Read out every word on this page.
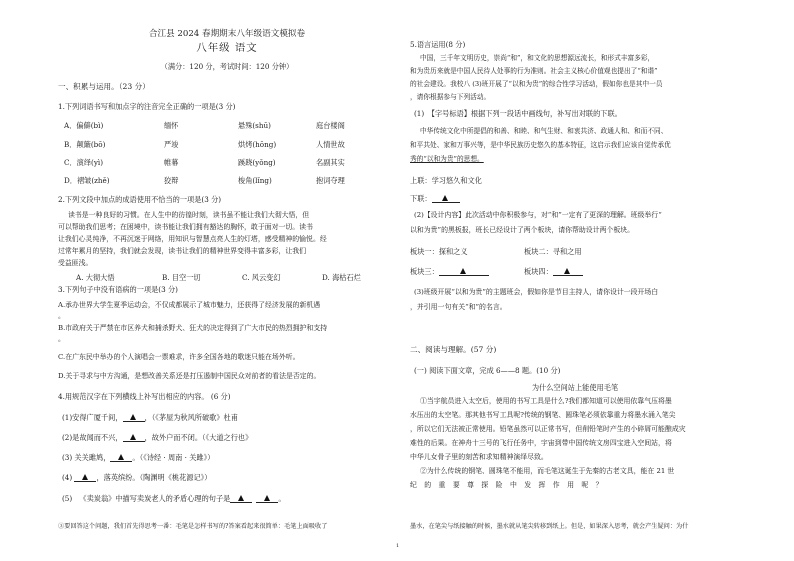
合江县 2024 春期期末八年级语文模拟卷
八年级 语文
（满分：120 分，考试时间：120 分钟）
一、积累与运用。（23 分）
1.下列词语书写和加点字的注音完全正确的一项是(3 分)
A．偏僻(bì)	缅怀	悬殊(shū)	庭台楼阁
B．颠簸(bō)	严竣	烘烤(hōng)	人情世故
C．演绎(yì)	帷幕	蹊跷(yǒng)	名副其实
D．褶皱(zhě)	狡辩	梭角(lǐng)	抱词夺理
2.下列文段中加点的成语使用不恰当的一项是(3 分)
读书是一种良好的习惯。在人生中的彷徨时刻，读书虽不能让我们大彻大悟，但
可以帮助我们思考；在困境中，读书能让我们拥有豁达的胸怀，敢于面对一切。读书
让我们心灵纯净，不再沉迷于网络，用知识与智慧点亮人生的灯塔，感受精神的愉悦。经
过常年累月的坚持，我们就会发现，读书让我们的精神世界变得丰富多彩，让我们
受益匪浅。
A. 大彻大悟	B. 目空一切	C. 风云变幻	D. 海枯石烂
3.下列句子中没有语病的一项是(3 分)
A.承办世界大学生夏季运动会，不仅成都展示了城市魅力，还获得了经济发展的新机遇
。
B.市政府关于严禁在市区养犬和捕杀野犬、狂犬的决定得到了广大市民的热烈拥护和支持
。
C.在广东民中举办的个人演唱会一票难求，许多全国各地的歌迷只能在场外听。
D.关于寻求与中方沟通，是想改善关系还是打压遏制中国民众对前者的看法是否定的。
4.用规范汉字在下列横线上补写出相应的内容。 (6 分)
(1)安得广厦千间，	，（《茅屋为秋风所破歌》杜甫
(2)是故闻而不兴，	，故外户而不闭。（《大道之行也》
(3) 关关雎鸠，	。（《诗经 · 周南 · 关雎》）
(4)	，落英缤纷。（陶渊明《桃花源记》）
(5)  《卖炭翁》中描写卖炭老人的矛盾心理的句子是	。
③要回答这个问题，我们首先得思考一番：毛笔是怎样书写的?答案看起来很简单：毛笔上面吸收了
5.语言运用(8 分)
中国，三千年文明历史，崇尚“和”，和文化的思想源远流长，和形式丰富多彩，
和为贵历来就是中国人民待人处事的行为准则。社会主义核心价值观也提出了“和谐”
的社会建设。我校八 (3)班开展了“以和为贵”的综合性学习活动，假如你也是其中一员
，请你根据参与下列活动。
(1)　【字号标语】根据下列一段话中画线句，补写出对联的下联。
中华传统文化中所提倡的和善、和睦、和气生财、和衷共济、政通人和、和而不同、
和平共处、家和万事兴等，是中华民族历史悠久的基本特征，这启示我们应该自觉传承优
秀的“以和为贵”的思想。
上联：学习悠久和文化
下联：
(2)【设计内容】此次活动中你积极参与，对“和”一定有了更深的理解。班级举行“
以和为贵”的黑板报，班长已经设计了两个板块，请你帮助设计两个板块。
板块一：探和之义	板块二：寻和之用
板块三：	板块四：
(3)班级开展“以和为贵”的主题班会，假如你是节目主持人，请你设计一段开场白
，并引用一句有关“和”的名言。
二、阅读与理解。(57 分)
(一) 阅读下面文章，完成 6——8 题。(10 分)
为什么空间站上能使用毛笔
①当宇航员进入太空后，使用的书写工具是什么?我们都知道可以使用依靠气压将墨
水压出的太空笔。那其他书写工具呢?传统的钢笔、圆珠笔必须依靠重力将墨水涌入笔尖
，所以它们无法被正常使用。铅笔虽然可以正常书写，但削铅笔时产生的小碎屑可能酿成灾
难性的后果。在神舟十三号的飞行任务中，宇宙到带中国传统文房四宝进入空间站，将
中华儿女骨子里的刻苦和求知精神演绎尽致。
②为什么传统的钢笔、圆珠笔不能用，而毛笔这诞生于先秦的古老文具，能在 21 世
纪 的 重 要 尊 探 险 中 发 挥 作 用 呢 ？
墨水，在笔尖与纸接触的时候，墨水就从笔尖转移到纸上。但是，如果深入思考，就会产生疑问：为什
1
